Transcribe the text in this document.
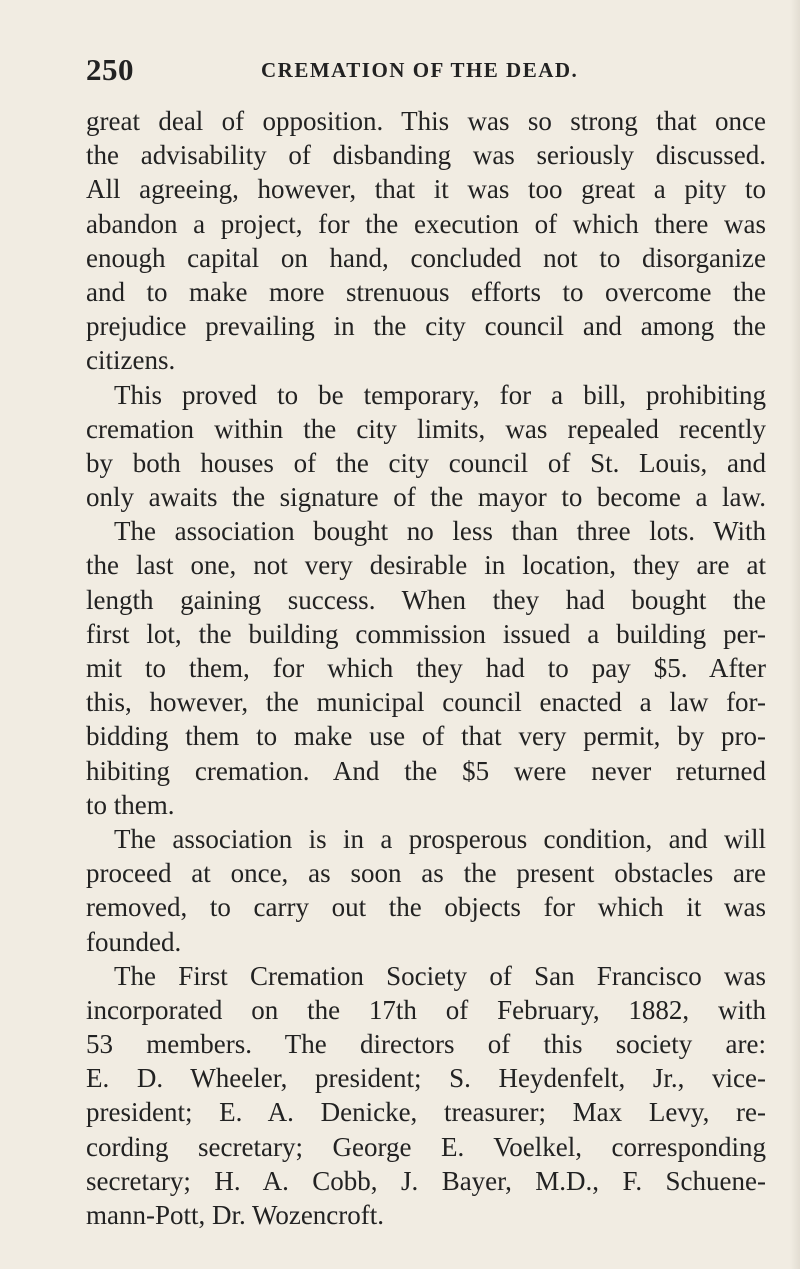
250	CREMATION OF THE DEAD.
great deal of opposition. This was so strong that once
the advisability of disbanding was seriously discussed.
All agreeing, however, that it was too great a pity to
abandon a project, for the execution of which there was
enough capital on hand, concluded not to disorganize
and to make more strenuous efforts to overcome the
prejudice prevailing in the city council and among the
citizens.
This proved to be temporary, for a bill, prohibiting
cremation within the city limits, was repealed recently
by both houses of the city council of St. Louis, and
only awaits the signature of the mayor to become a law.
The association bought no less than three lots. With
the last one, not very desirable in location, they are at
length gaining success. When they had bought the
first lot, the building commission issued a building per-
mit to them, for which they had to pay $5. After
this, however, the municipal council enacted a law for-
bidding them to make use of that very permit, by pro-
hibiting cremation. And the $5 were never returned
to them.
The association is in a prosperous condition, and will
proceed at once, as soon as the present obstacles are
removed, to carry out the objects for which it was
founded.
The First Cremation Society of San Francisco was
incorporated on the 17th of February, 1882, with
53 members. The directors of this society are:
E. D. Wheeler, president; S. Heydenfelt, Jr., vice-
president; E. A. Denicke, treasurer; Max Levy, re-
cording secretary; George E. Voelkel, corresponding
secretary; H. A. Cobb, J. Bayer, M.D., F. Schuene-
mann-Pott, Dr. Wozencroft.
